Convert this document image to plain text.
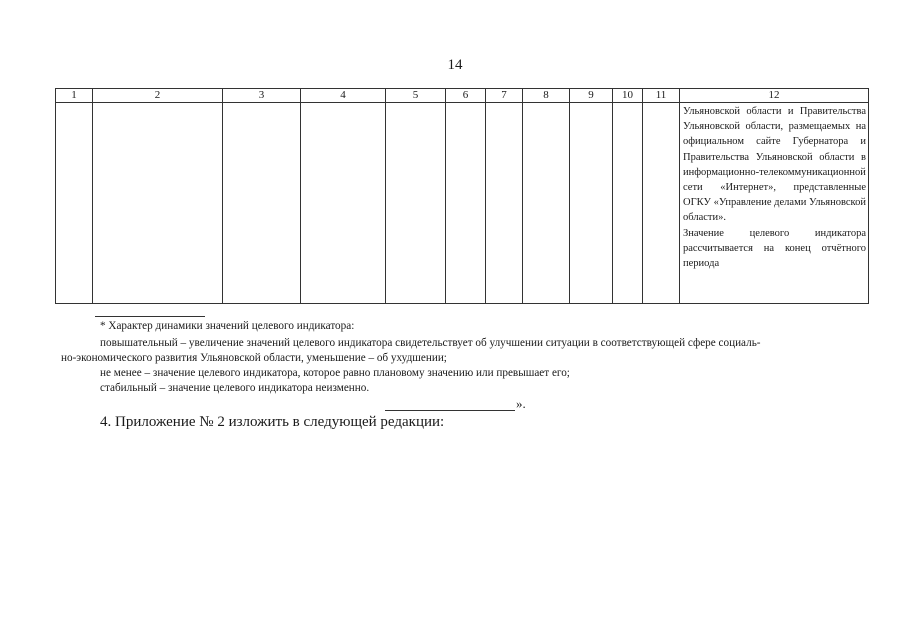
14
1	2	3	4	5	6	7	8	9	10	11	12

											Ульяновской области и Правительства Ульяновской области, размещаемых на официальном сайте Губернатора и Правительства Ульяновской области в информационно-телекоммуникационной сети «Интернет», представленные ОГКУ «Управление делами Ульяновской области».

Значение целевого индикатора рассчитывается на конец отчётного периода

* Характер динамики значений целевого индикатора:
повышательный – увеличение значений целевого индикатора свидетельствует об улучшении ситуации в соответствующей сфере социаль-
но-экономического развития Ульяновской области, уменьшение – об ухудшении;
не менее – значение целевого индикатора, которое равно плановому значению или превышает его;
стабильный – значение целевого индикатора неизменно.
».
4. Приложение № 2 изложить в следующей редакции:
